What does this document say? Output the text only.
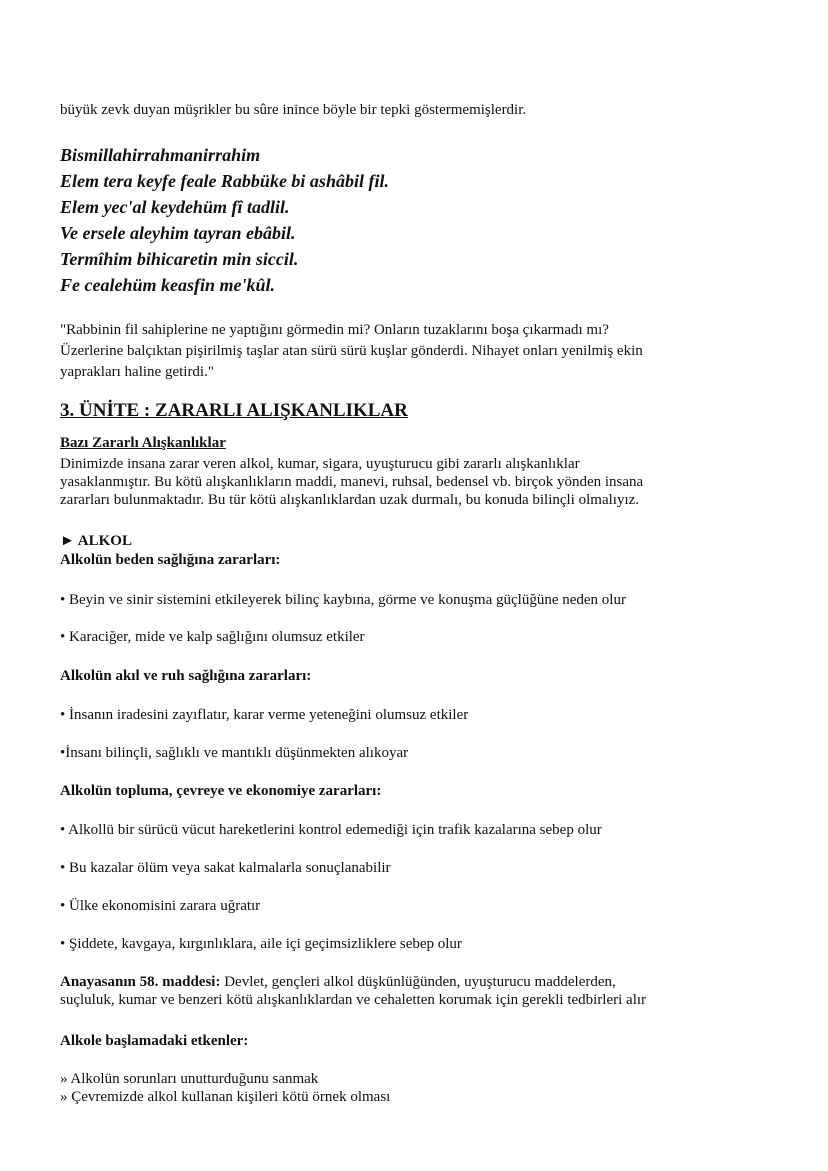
büyük zevk duyan müşrikler bu sûre inince böyle bir tepki göstermemişlerdir.

Bismillahirrahmanirrahim
Elem tera keyfe feale Rabbüke bi ashâbil fil.
Elem yec'al keydehüm fî tadlil.
Ve ersele aleyhim tayran ebâbil.
Termîhim bihicaretin min siccil.
Fe cealehüm keasfin me'kûl.
"Rabbinin fil sahiplerine ne yaptığını görmedin mi? Onların tuzaklarını boşa çıkarmadı mı?
Üzerlerine balçıktan pişirilmiş taşlar atan sürü sürü kuşlar gönderdi. Nihayet onları yenilmiş ekin
yaprakları haline getirdi."
3. ÜNİTE : ZARARLI ALIŞKANLIKLAR
Bazı Zararlı Alışkanlıklar
Dinimizde insana zarar veren alkol, kumar, sigara, uyuşturucu gibi zararlı alışkanlıklar
yasaklanmıştır. Bu kötü alışkanlıkların maddi, manevi, ruhsal, bedensel vb. birçok yönden insana
zararları bulunmaktadır. Bu tür kötü alışkanlıklardan uzak durmalı, bu konuda bilinçli olmalıyız.
► ALKOL
Alkolün beden sağlığına zararları:
• Beyin ve sinir sistemini etkileyerek bilinç kaybına, görme ve konuşma güçlüğüne neden olur
• Karaciğer, mide ve kalp sağlığını olumsuz etkiler
Alkolün akıl ve ruh sağlığına zararları:
• İnsanın iradesini zayıflatır, karar verme yeteneğini olumsuz etkiler
•İnsanı bilinçli, sağlıklı ve mantıklı düşünmekten alıkoyar
Alkolün topluma, çevreye ve ekonomiye zararları:
• Alkollü bir sürücü vücut hareketlerini kontrol edemediği için trafik kazalarına sebep olur
• Bu kazalar ölüm veya sakat kalmalarla sonuçlanabilir
• Ülke ekonomisini zarara uğratır
• Şiddete, kavgaya, kırgınlıklara, aile içi geçimsizliklere sebep olur
Anayasanın 58. maddesi: Devlet, gençleri alkol düşkünlüğünden, uyuşturucu maddelerden,
suçluluk, kumar ve benzeri kötü alışkanlıklardan ve cehaletten korumak için gerekli tedbirleri alır
Alkole başlamadaki etkenler:
» Alkolün sorunları unutturduğunu sanmak
» Çevremizde alkol kullanan kişileri kötü örnek olması
